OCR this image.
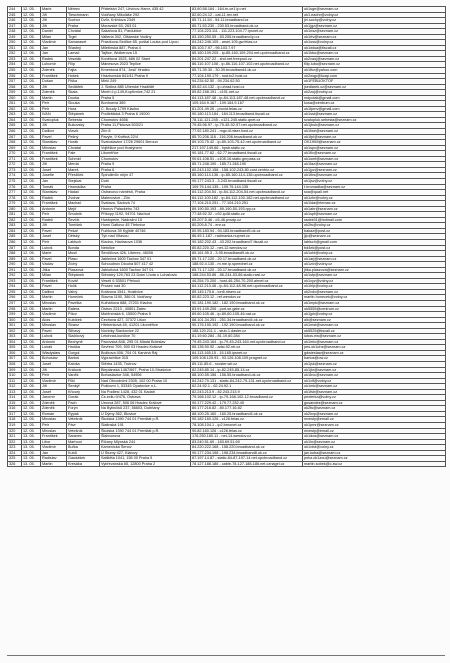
244	12. 05.	Marie	Němec	Přátelství 247, Litvínov-Hamr, 435 42	83.60.58.164 - 164.tn-ce1.ip.net	ok1sgn@seznam.cz
245	12. 05.	Jiří	Tieschmann	Vodňany Mikoláše 292	82.60.24.12 - cat-11.rev.net	ok1.eadnr@volny.cz
246	12. 05.	Jiří	Sochor	Dvůr, Krkhlova 2349	85.71.11.54 - 54.11.broadband.cz	jiri.sochy@volny.cz
247	12. 05.	Jiří	Praha	Moravské 53, 263 01	85.71.53.230 - 230.53.broadband.ok.cz	ok1jgz@seznam.cz
248	12. 05.	Daniel	Chvátal	Sakařova 81, Pardubice	77.104.223.111 - 111.223.104.77.ipsnet.cz	ok1nsz@seznam.cz
249	12. 05.	Milan	Trgel	Valteria 302, Olšánské Vodiny	83.150.250.55 - 83.255.broadband.ip.cz	ok1rtv@seznam.cz
250	12. 05.	Vladimír	Samaraset	Prasíkova-Sedlice 85, poštal Louka pod Lípou	84.242.246.105 - arsel-105.gw.felas.cz	ok1uss@volny.cz
251	12. 05.	Jan	Šťastný	Miletínská 887, Praha 4	85.103.7.97 - 96.103.7.97	ok1wtua@tiscali.cz
252	12. 05.	Jan	Lamač	Tajfice, Wolkerova 15	85.160.109.205 - ip-85-160-109-204.net.upcbroadband.cz	ok1kbu@seznam.cz
253	12. 05.	Radek	Veselák	Konětová 1523, 686 02 Staré	84.201.247.22 - shd.net.freepool.cz	ok2vaoj@seznam.cz
254	12. 05.	Lubomír	Filip	Mánesova 2023 Teplice	86.110.107.108 - ip-86-110-107-102.net.upcbroadband.cz	filip.lubo@seznam.cz
255	12. 05.	Zdeněk	Fajta	Kmentová 874, 'Jesil' Hradec	85.71.39.30 - 30.39.broadband4.ok.cz	ok1fkz@yahoo.com
256	12. 05.	František	Hošek	Hrázkovská 841/41 Praha 9	77.104.190.179 - nod.tc2.host.cz	ok2wqp@kcap.com
257	12. 05.	Dušan	Fiška	Mirič 249	94.234.62.50 - 94.234.62.50	ok1FEBUOKTOF
258	12. 05.	Jiří	Sedlářek	J. Sixtina 885 Uherské Hradiště	85.62.44.132 - ip.uhrad.host.cz	jsedlarek.cz@seznam.cz
259	12. 05.	Zdeněk	Skala	Mnetí č.p.149,Kopřivnice,742 21	89.82.158.191 - c191.net.cz	ok2zoj@volny.cz
260	12. 05.	Martin	Douša	Praha 5	84.113.187.48 - ip-84-113-187-48.net.upcbroadband.cz	mdpolak@gmail.com
261	12. 05.	Petr	Slouka	Bonhoeva 389	109.164.9.167 - 109.164.9.167	kosa@centrum.cz
262	12. 05.	Petr	Hora	C. Boudy 1799 Kladno	81.201.49.26 - proxid.felas.cz	ok1fpmv@gmail.com
263	12. 05.	IVAN	Štěpánek	Podleštická 3 Praha 6 19000	90.180.113.184 - 184.113.broadband.tiscali.cz	ok1sst@seznam.cz
264	12. 05.	Svatopluk	Šebesta	Chomutov 4656	78.111.121.245 - c121-245.static.qnet.cz	svatopluk.sebesta@seznam.cz
265	12. 05.	Jiří	Bukovský	Praha 11,Pickova 503/21	79.45.96.97 - ip-79-45-92-97.net.upcbroadband.cz	ok1jbuk@seznam.cz
266	12. 05.	Dalibor	Vlavík	Zlín 8	77.92.180.241 - mgv.dl.ntser.host.cz	ok1fwe@seznam.cz
267	12. 05.	Pavel	Peliný	Pavyle, 9 Květná 22/4	85.70.206.116 - 116.206.broadband.ok.cz	ok1fpl@seznam.cz
268	12. 05.	Stanislav	Horák	Svatoslavice 17/26 29601 Beroun	89.103.75.42 - ip-89-103-75-42.net.upcbroadband.cz	OK1HIM@seznam.cz
269	12. 05.	Miroslav	Chvátal	Vojtěšice pod Hostýnem	217.197.149.66 - hpsb.static.cz	ok1spv@seznam.cz
270	12. 05.	František	Fale	Litoměřice	90.181.77.62 - 62.77.broadband.tiscali.cz	ok1flv@seznam.cz
271	12. 05.	František	Schmid	Chomutov	90.61.108.51 - c108.16.static.gnrpass.cz	ok1smf@seznam.cz
272	12. 05.	Jiří	Merda	Praha 9	85.71.248.190 - 185.71.248.190	ok1faz@seznam.cz
273	12. 05.	Josef	Mareš	Praha 6	80.243.102.158 - 158-102-243-80.cust.centrio.cz	ok1jyz@seznam.cz
274	12. 05.	Josefie	Přesliček	Špindlerův mlýn 47	85.160.114.136 - ip-85-160-114-136.upcbroadband.cz	ok1ths@seznam.cz
275	12. 05.	Jan	Stejskal	Dubí	90.177.243.3 - 3.243.broadband.tiscali.cz	ok1jsz@volny.cz
276	12. 05.	Tomáš	Hromádka	Praha	109.75.144.135 - 109.75.144.135	t.hromadka@seznam.cz
277	12. 05.	Stanislav	Hadač	Ostravovo náměstí, Praha	84.112.204.54 - ip-84-112-204-54.net.upcbroadband.cz	sxa@quail.net
278	12. 05.	Radek	Zvohar	Malenovice - Zlín	84.112.100.182 - ip-84-112-100-182.net.upcbroadband.cz	ok1zhr@volny.cz
279	12. 05.	František	Machač	Svatava, Sadová 74	77.104.210.251 - 77.104.210.251	ok1lda@rtemax.cz
280	12. 05.	Antonín	Mejíř	Hronov Palackého 743	89.190.50.193 - 89-190-50-193.rpy.cz	ok1abr@seznam.cz
281	12. 05.	Petr	Smutník	Příkopy 1192, 94701 Náchod	77.48.92.32 - c92-ip48.static.cz	ok1spf@seznam.cz
282	12. 05.	Radek	Ševčík	Hustopeče, Nádražní 15	85.207.5.46 - c5-46.pvsdp.cz	radek91@hotmail.com
283	12. 05.	Jiří	Tomíšek	Horní Datlovo 45 Třebnice	80.209.8.74 - enr.cz	ok2ts@volny.cz
284	12. 05.	Pavel	Pekař	Fučíkova 39 Kyjiště 40746	80.95.183.94 - 94.183.broadband5.ok.cz	bakaz@post.cz
285	12. 05.	Josef	Dětský	Týn nad Vltavou	86.49.1.187 - radmanka.nupnet.cz	jijo@seznam.cz
286	12. 05.	Petr	Lablsch	Kladno, Havlasova 1036	90.182.202.43 - 43.202.broadband7.tiscali.cz	lablsch@gmail.com
287	12. 05.	Luboš	Bonda	Netolice	80.82.220.12 - net-12.wendov.cz	bd4ek@post.cz
288	12. 05.	Marie	Musil	Šenčičova 426, Liberec, 46006	85.161.95.3 - 3.95.broadband9.ok.cz	ok1ohl@volny.cz
289	12. 05.	Pavel	Plaso	Jablečná 1600 Tachov 347 01	85.71.17.120 - 20.17.broadband.ok.cz	ok1arj@seznam.cz
290	12. 05.	Václav	Zíchý	Schoudnov Dlouhá 607 417 42	188.92.4.130 - m.me.ip.speednet.cz	ok1ziv@volny.cz
291	12. 05.	Jitka	Plaszová	Jabloňová 1600 Tachov 347 01	85.71.17.120 - 20.17.broadband.ok.cz	jitka.plaszova@seznam.cz
292	12. 05.	Milan	Štěpánek	Stěnický 129,763 23 Dolní Lhota u Luhačovic	188.244.53.86 - 86-244-53-86.static.rwsl.cz	ok1sfp@seznam.cz
293	12. 05.	František	Kovář	Veselí 6 53501 Přelouč	46.254.70.200 - host-46-254-70-200.airnet.cz	ok1xyz@volny.cz
294	12. 05.	Pavel	Holík	Proseč nad 30	84.112.213.48 - ip-84-112-48-96.net.upcbroadband.cz	ok1hlp@volny.cz
295	12. 05.	Dalibor	Valný	Kolárova 1541, Hostivice	89.145.175.6 - ion6.ntserv.cz	ok2vdv@seznam.cz
296	12. 05.	Martin	Honeček	Stavna 1190, 386 01 Vodňany	80.82.223.12 - ref.wendov.cz	martin.honecek@volny.cz
297	12. 05.	Miroslav	Pavelka	Kulháňova 688, 27201 Kladno	90.181.190.182 - 182.190.broadband.ok.cz	ok1mpk@seznam.cz
298	12. 05.	Martin	Ratera	Ostrov 2213 , 40801 Žatec	83.91.149.206 - port.se.gate.cz	ok5555@centrum.cz
299	12. 05.	Vladimír	Píkor	Mutěnínská 6, 15500 Praha 5	89.60.105.46 - ip-89-60-105-46.nat.cz	ok1jpk@volny.cz
300	12. 05.	Alois	Kubíček	Čechova 427, 37372 Lišov	88.101.34.251 - 251.34.broadband4.ok.cz	alk@seznam.cz
301	12. 05.	Miroslav	Stranz	Hřebenková 45, 41201 Litoměřice	90.176.190.192 - 192.190.broadband.ok.cz	ok1mst@seznam.cz
302	12. 05.	Pavel	Šilhavý	Novinky Slavkovice 22	188.120.211.1 - stub-1.dasler.cz	ok5525@tiscali.cz
303	12. 05.	Luboš	Slačíkový	Letohrad-kunčice 70	81.19.60.284 - 81.19.60.284	lubos.ew@seznam.cz
304	12. 05.	Antonín	Bechyně	Pacovská 848, 295 01 Mladá Boleslav	79.45.243.164 - ip-79-45-243-164.net.upcbroadband.cz	ok1mtc@seznam.cz
305	12. 05.	Lukáš	Hruška	Sevření 709, 500 03 Hradec Králové	85.135.90.92 - adsl-92.ntr.cz	pes.ok1uhz@seznam.cz
306	12. 05.	Władysław	Gorgol	Božkova 406, 704 01 Karviná Ráj	84.113.165.15 - 15.165.ipsnet.cz	gdwieslaw@seznam.cz
307	12. 05.	Bohuslav	Bartoš	Vyprachtice 315	109.108.125.93 - 93.126.108.109.pragnet.cz	bartos@ow.cz
308	12. 05.	Josef	Kaloša	Stěrba 1435, Trutnov	89.111.85.6 - rooster.wir.cz	ok1jsk@seznam.cz
309	12. 05.	Jiří	Králová	Bieplánská 1467/667, Praha 10-Strašnice	82.245.85.14 - ip-82-245-85-14.cz	ok1jkr@seznam.cz
310	12. 05.	Petr	Vaněk	Bohuslavice 346, 54906	88.100.55.156 - 156.55.broadband.ok.cz	ok1bvc@seznam.cz
311	12. 05.	Vladimír	Filkl	Nad Obvodními 2305, 102 00 Praha 10	84.242.79.131 - static-84-242-79-131.net.upcbroadband.cz	ok1vlf@volny.cz
312	12. 05.	Jiří	Šenkýř	Poštovní 1, 53345 Opatovice n.L.	62.24.92.1 - 62.24.92.1	ok1mk@seznam.cz
313	12. 05.	Josef	Kňoury	Na Podlesí 1428, 432 01 Kadaň	82.243.213.9 - 82.243.213.9	ok1fsb@seznam.cz
314	12. 05.	Jaromír	Gorák	Čs.exilu 9/476, Ostrava	79.168.102.12 - ip-79-168-102-12.broadband.cz	pexterka@volny.cz
315	12. 05.	Zdeněk	Pach	Urnová 287, 506 06 Hradec Králové	90.177.229.42 - 179.77.232.45	gusandez@seznam.cz
316	12. 05.	Zdeněk	Forýn	Na Bylinčíků 237, 56603, Dubňany	80.177.216.82 - 80.177.16.82	ok2fu@seznam.cz
317	12. 05.	Roman	Rypák	U Dýmy 362, Blovice	88.100.25.160 - 160.25.broadband4.ok.cz	ok2kxp@seznam.cz
318	12. 05.	Miroslav	Vetešník	Školská 1390 744 01 Frenštát p.R.	90.182.160.126 - c126.felas.cz	mvesty@email.cz
319	12. 05.	Petr	Pávr	Slatinská 191	78.108.104.1 - ip2.brnonet.cz	ok1pmr@seznam.cz
320	12. 05.	Miroslav	Vetešník	Školská 1390 744 01 Frenštát p.R.	90.82.160.126 - c126.felas.cz	mvesty@email.cz
321	13. 05.	František	Saravec	Šlabnorova	176.250.160.11 - net-14.wendov.cz	ok1dos@seznam.cz
322	13. 05.	Libor	Marhoul	Říčany Mlýnská 244	83.240.51.69 - 183.69.51.69	ok1ln@seznam.cz
323	13. 05.	Vladimír	Buřka	Kamenická Šenov	84.220.222.168 - 158.220.broadband.ok.cz	ok1vbd@volny.cz
324	13. 05.	Jan	Kubů	U Stumy 427, Klatovy	90.177.234.198 - 198.234.broadband8.ok.cz	jan.kuba@seznam.cz
325	13. 05.	Radislav	Gaudášek	Salštěta 1041, 155 00 Praha 5	87.197.14.87 - static-84-87-197-14.net.upcbroadband.cz	pnbz.ok1zou@seznam.cz
326	13. 05.	Martin	Kresáka	Vybřevanská 65, 12800 Praha 2	78.127.188.186 - cable-78-127-188-186.net.cznagel.cz	martin.sobek@c-sw.cz
